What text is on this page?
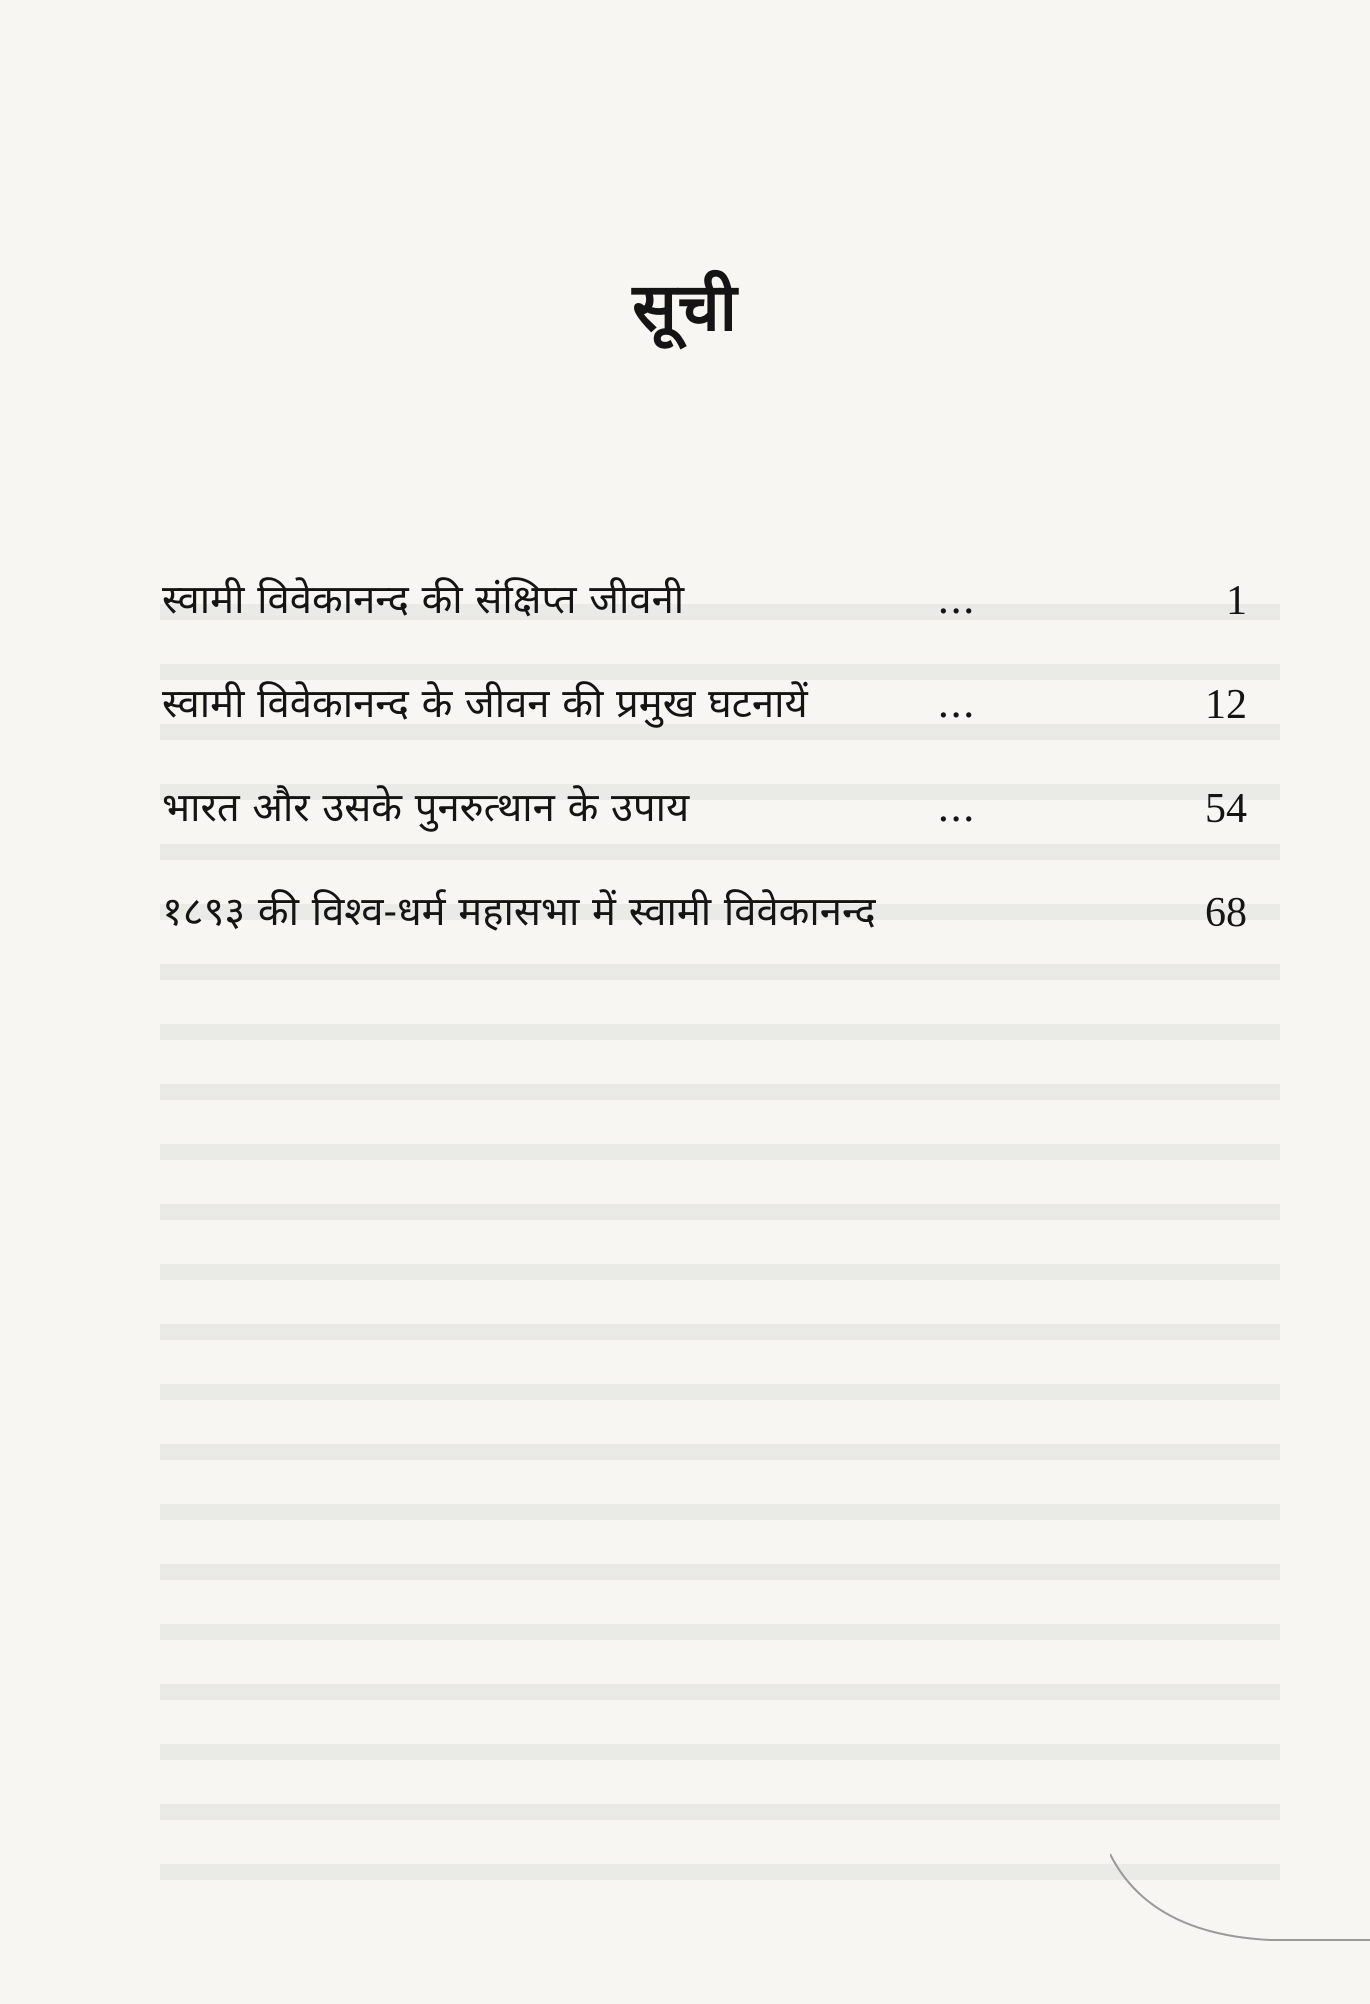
सूची
स्वामी विवेकानन्द की संक्षिप्त जीवनी	...	1
स्वामी विवेकानन्द के जीवन की प्रमुख घटनायें	...	12
भारत और उसके पुनरुत्थान के उपाय	...	54
१८९३ की विश्व-धर्म महासभा में स्वामी विवेकानन्द	68
